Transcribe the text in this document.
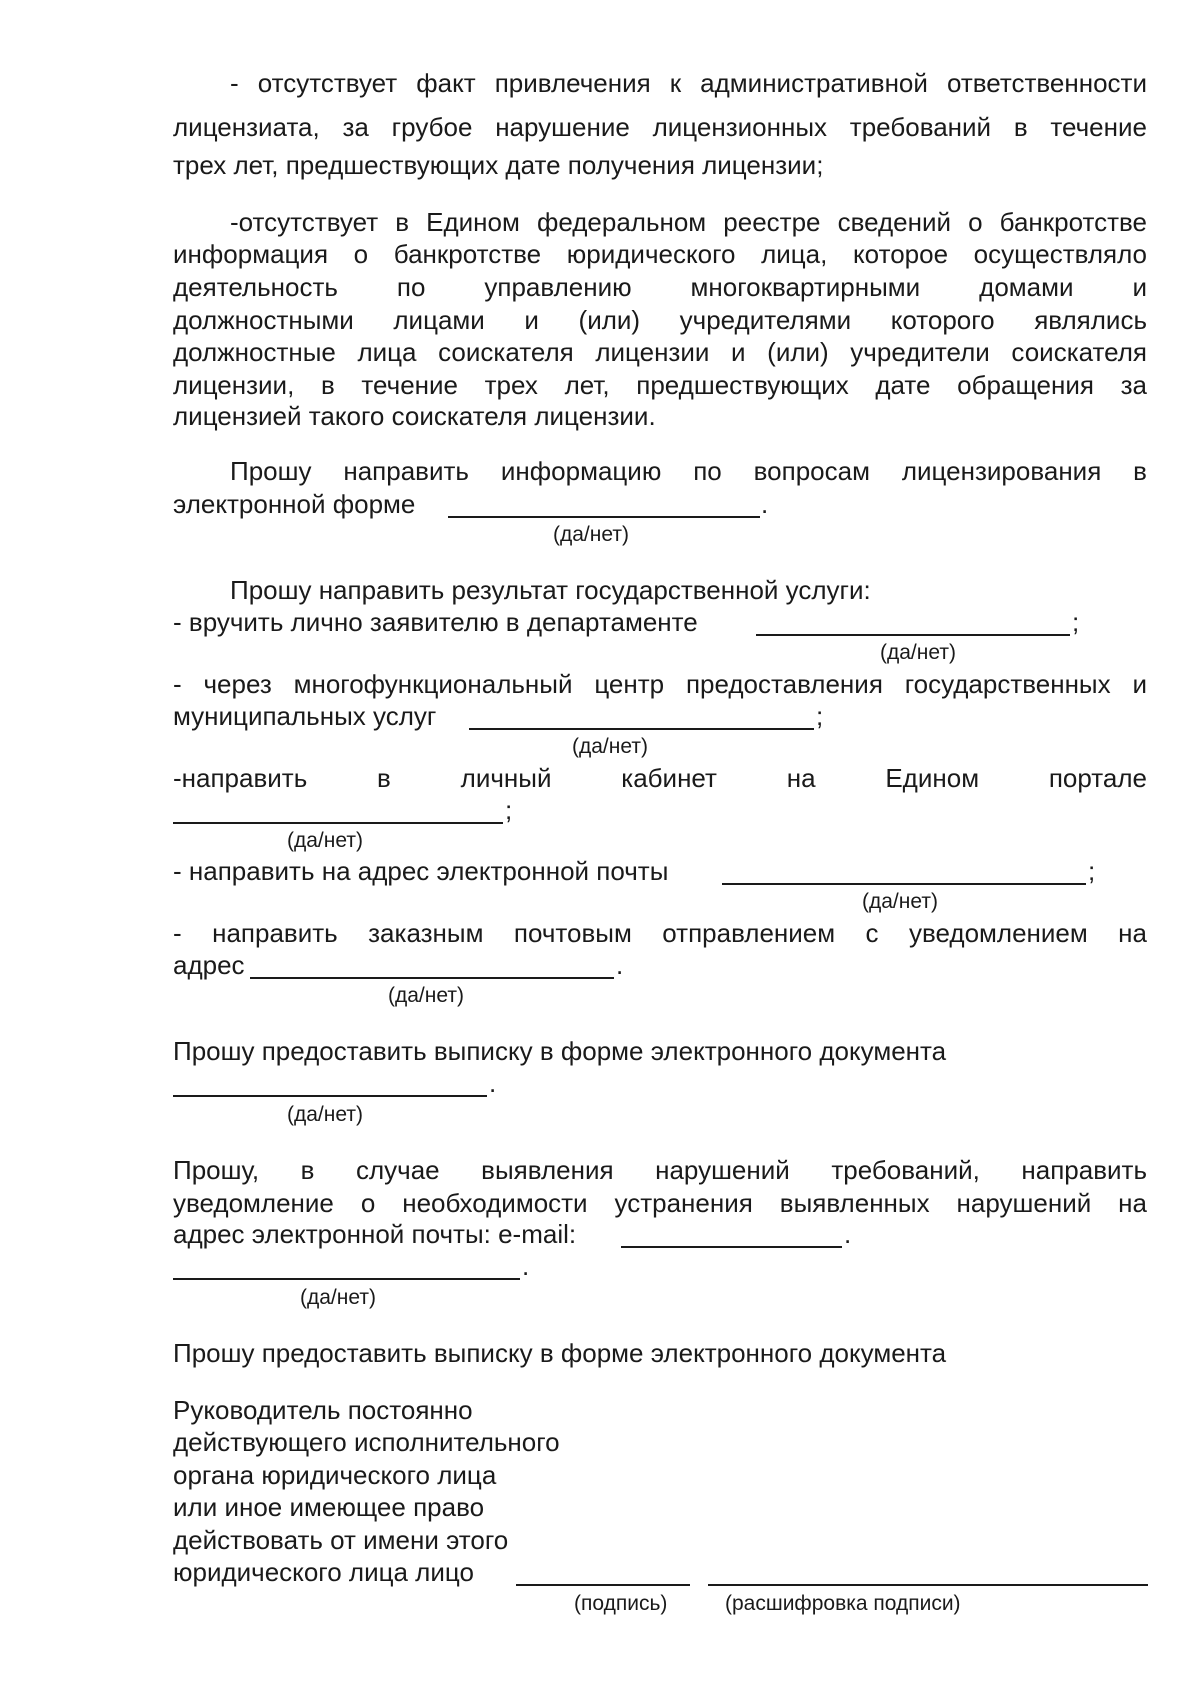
- отсутствует факт привлечения к административной ответственности

лицензиата, за грубое нарушение лицензионных требований в течение

трех лет, предшествующих дате получения лицензии;

-отсутствует в Едином федеральном реестре сведений о банкротстве

информация о банкротстве юридического лица, которое осуществляло

деятельность по управлению многоквартирными домами и

должностными лицами и (или) учредителями которого являлись

должностные лица соискателя лицензии и (или) учредители соискателя

лицензии, в течение трех лет, предшествующих дате обращения за

лицензией такого соискателя лицензии.

Прошу направить информацию по вопросам лицензирования в

электронной форме	.
(да/нет)
Прошу направить результат государственной услуги:
- вручить лично заявителю в департаменте	;
(да/нет)

- через многофункциональный центр предоставления государственных и

муниципальных услуг	;
(да/нет)

-направить в личный кабинет на Едином портале

;
(да/нет)
- направить на адрес электронной почты	;
(да/нет)

- направить заказным почтовым отправлением с уведомлением на

адрес	.
(да/нет)
Прошу предоставить выписку в форме электронного документа
.
(да/нет)

Прошу, в случае выявления нарушений требований, направить

уведомление о необходимости устранения выявленных нарушений на

адрес электронной почты: e-mail:	.
.
(да/нет)
Прошу предоставить выписку в форме электронного документа
Руководитель постоянно
действующего исполнительного
органа юридического лица
или иное имеющее право
действовать от имени этого
юридического лица лицо
(подпись)	(расшифровка подписи)
